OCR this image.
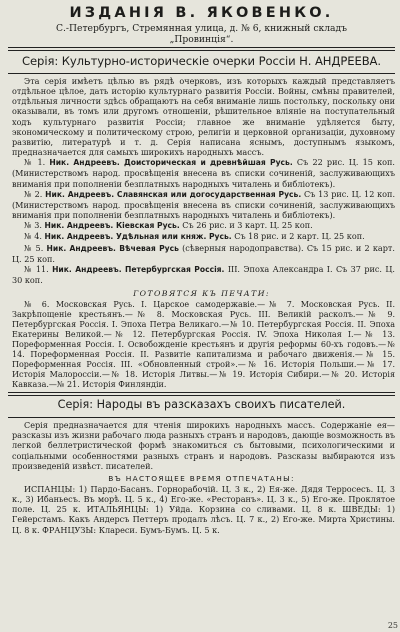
ИЗДАНІЯ В. ЯКОВЕНКО.
С.-Петербургъ, Стремянная улица, д. № 6, книжный складъ
„Провинція“.
Серія: Культурно-историческіе очерки Россіи Н. АНДРЕЕВА.

Эта серія имѣетъ цѣлью въ рядѣ очерковъ, изъ которыхъ каждый представляетъ отдѣльное цѣлое, дать исторію культурнаго развитія Россіи. Войны, смѣны правителей, отдѣльныя личности здѣсь обращаютъ на себя вниманіе лишь постольку, поскольку они оказывали, въ томъ или другомъ отношеніи, рѣшительное вліяніе на поступательный ходъ культурнаго развитія Россіи; главное же вниманіе удѣляется быту, экономическому и политическому строю, религіи и церковной организаціи, духовному развитію, литературѣ и т. д. Серія написана яснымъ, доступнымъ языкомъ, предназначается для самыхъ широкихъ народныхъ массъ.

№ 1. Ник. Андреевъ. Доисторическая и древнѣйшая Русь. Съ 22 рис. Ц. 15 коп. (Министерствомъ народ. просвѣщенія внесена въ списки сочиненій, заслуживающихъ вниманія при пополненіи безплатныхъ народныхъ читалень и библіотекъ).

№ 2. Ник. Андреевъ. Славянская или догосударственная Русь. Съ 13 рис. Ц. 12 коп. (Министерствомъ народ. просвѣщенія внесена въ списки сочиненій, заслуживающихъ вниманія при пополненіи безплатныхъ народныхъ читалень и библіотекъ).

№ 3. Ник. Андреевъ. Кіевская Русь. Съ 26 рис. и 3 карт. Ц. 25 коп.

№ 4. Ник. Андреевъ. Удѣльная или княж. Русь. Съ 18 рис. и 2 карт. Ц. 25 коп.

№ 5. Ник. Андреевъ. Вѣчевая Русь (сѣверныя народоправства). Съ 15 рис. и 2 карт. Ц. 25 коп.

№ 11. Ник. Андреевъ. Петербургская Россія. III. Эпоха Александра I. Съ 37 рис. Ц. 30 коп.

ГОТОВЯТСЯ КЪ ПЕЧАТИ:

№ 6. Московская Русь. I. Царское самодержавіе.—№ 7. Московская Русь. II. Закрѣпощеніе крестьянъ.—№ 8. Московская Русь. III. Великій расколъ.—№ 9. Петербургская Россія. I. Эпоха Петра Великаго.—№ 10. Петербургская Россія. II. Эпоха Екатерины Великой.—№ 12. Петербургская Россія. IV. Эпоха Николая I.—№ 13. Пореформенная Россія. I. Освобожденіе крестьянъ и другія реформы 60-хъ годовъ.—№ 14. Пореформенная Россія. II. Развитіе капитализма и рабочаго движенія.—№ 15. Пореформенная Россія. III. «Обновленный строй».—№ 16. Исторія Польши.—№ 17. Исторія Малороссіи.—№ 18. Исторія Литвы.—№ 19. Исторія Сибири.—№ 20. Исторія Кавказа.—№ 21. Исторія Финляндіи.

Серія: Народы въ разсказахъ своихъ писателей.

Серія предназначается для чтенія широкихъ народныхъ массъ. Содержаніе ея—разсказы изъ жизни рабочаго люда разныхъ странъ и народовъ, дающіе возможность въ легкой беллетристической формѣ знакомиться съ бытовыми, психологическими и соціальными особенностями разныхъ странъ и народовъ. Разсказы выбираются изъ произведеній извѣст. писателей.

ВЪ НАСТОЯЩЕЕ ВРЕМЯ ОТПЕЧАТАНЫ:

ИСПАНЦЫ: 1) Пардо-Басанъ. Горнорабочій. Ц. 3 к., 2) Ея-же. Дядя Терросесъ. Ц. 3 к., 3) Ибаньесъ. Въ морѣ. Ц. 5 к., 4) Его-же. «Ресторанъ». Ц. 3 к., 5) Его-же. Проклятое поле. Ц. 25 к. ИТАЛЬЯНЦЫ: 1) Уйда. Корзина со сливами. Ц. 8 к. ШВЕДЫ: 1) Гейерстамъ. Какъ Андерсъ Петтеръ продалъ лѣсъ. Ц. 7 к., 2) Его-же. Мирта Христины. Ц. 8 к. ФРАНЦУЗЫ: Клареси. Бумъ-Бумъ. Ц. 5 к.

25
